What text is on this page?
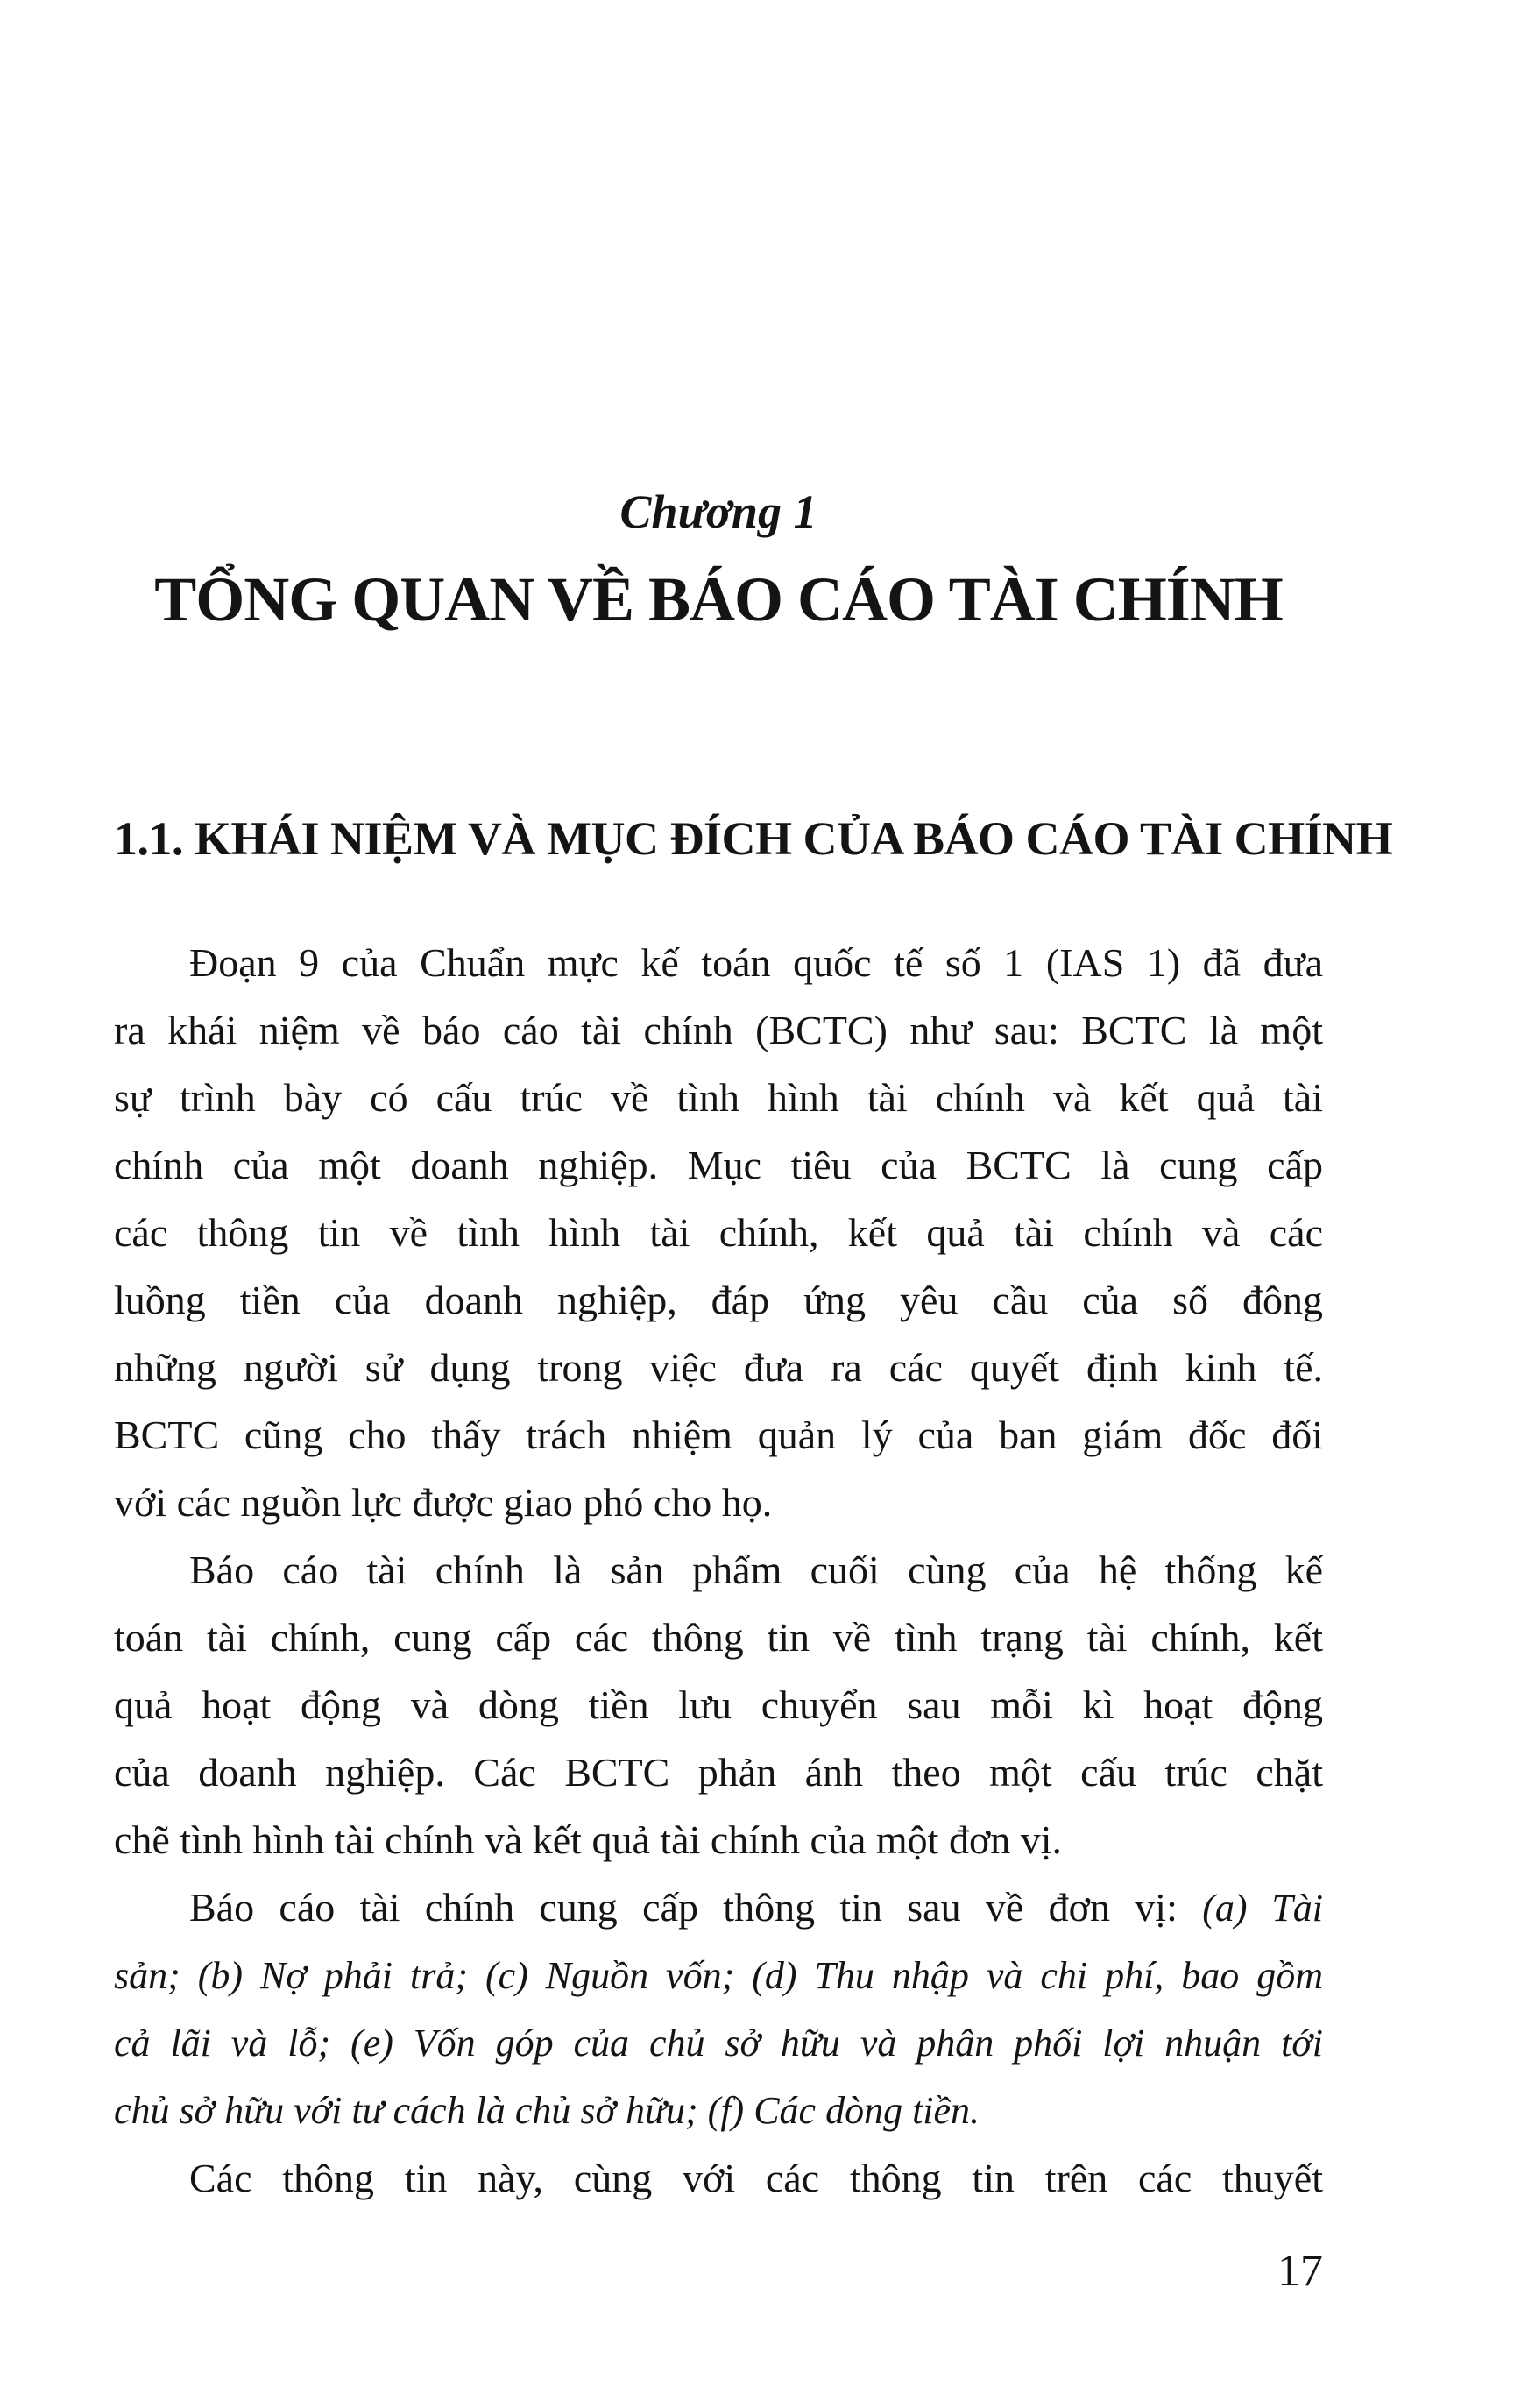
Chương 1
TỔNG QUAN VỀ BÁO CÁO TÀI CHÍNH
1.1. KHÁI NIỆM VÀ MỤC ĐÍCH CỦA BÁO CÁO TÀI CHÍNH
Đoạn 9 của Chuẩn mực kế toán quốc tế số 1 (IAS 1) đã đưa
ra khái niệm về báo cáo tài chính (BCTC) như sau: BCTC là một
sự trình bày có cấu trúc về tình hình tài chính và kết quả tài
chính của một doanh nghiệp. Mục tiêu của BCTC là cung cấp
các thông tin về tình hình tài chính, kết quả tài chính và các
luồng tiền của doanh nghiệp, đáp ứng yêu cầu của số đông
những người sử dụng trong việc đưa ra các quyết định kinh tế.
BCTC cũng cho thấy trách nhiệm quản lý của ban giám đốc đối
với các nguồn lực được giao phó cho họ.
Báo cáo tài chính là sản phẩm cuối cùng của hệ thống kế
toán tài chính, cung cấp các thông tin về tình trạng tài chính, kết
quả hoạt động và dòng tiền lưu chuyển sau mỗi kì hoạt động
của doanh nghiệp. Các BCTC phản ánh theo một cấu trúc chặt
chẽ tình hình tài chính và kết quả tài chính của một đơn vị.
Báo cáo tài chính cung cấp thông tin sau về đơn vị: (a) Tài
sản; (b) Nợ phải trả; (c) Nguồn vốn; (d) Thu nhập và chi phí, bao gồm
cả lãi và lỗ; (e) Vốn góp của chủ sở hữu và phân phối lợi nhuận tới
chủ sở hữu với tư cách là chủ sở hữu; (f) Các dòng tiền.
Các thông tin này, cùng với các thông tin trên các thuyết
17
